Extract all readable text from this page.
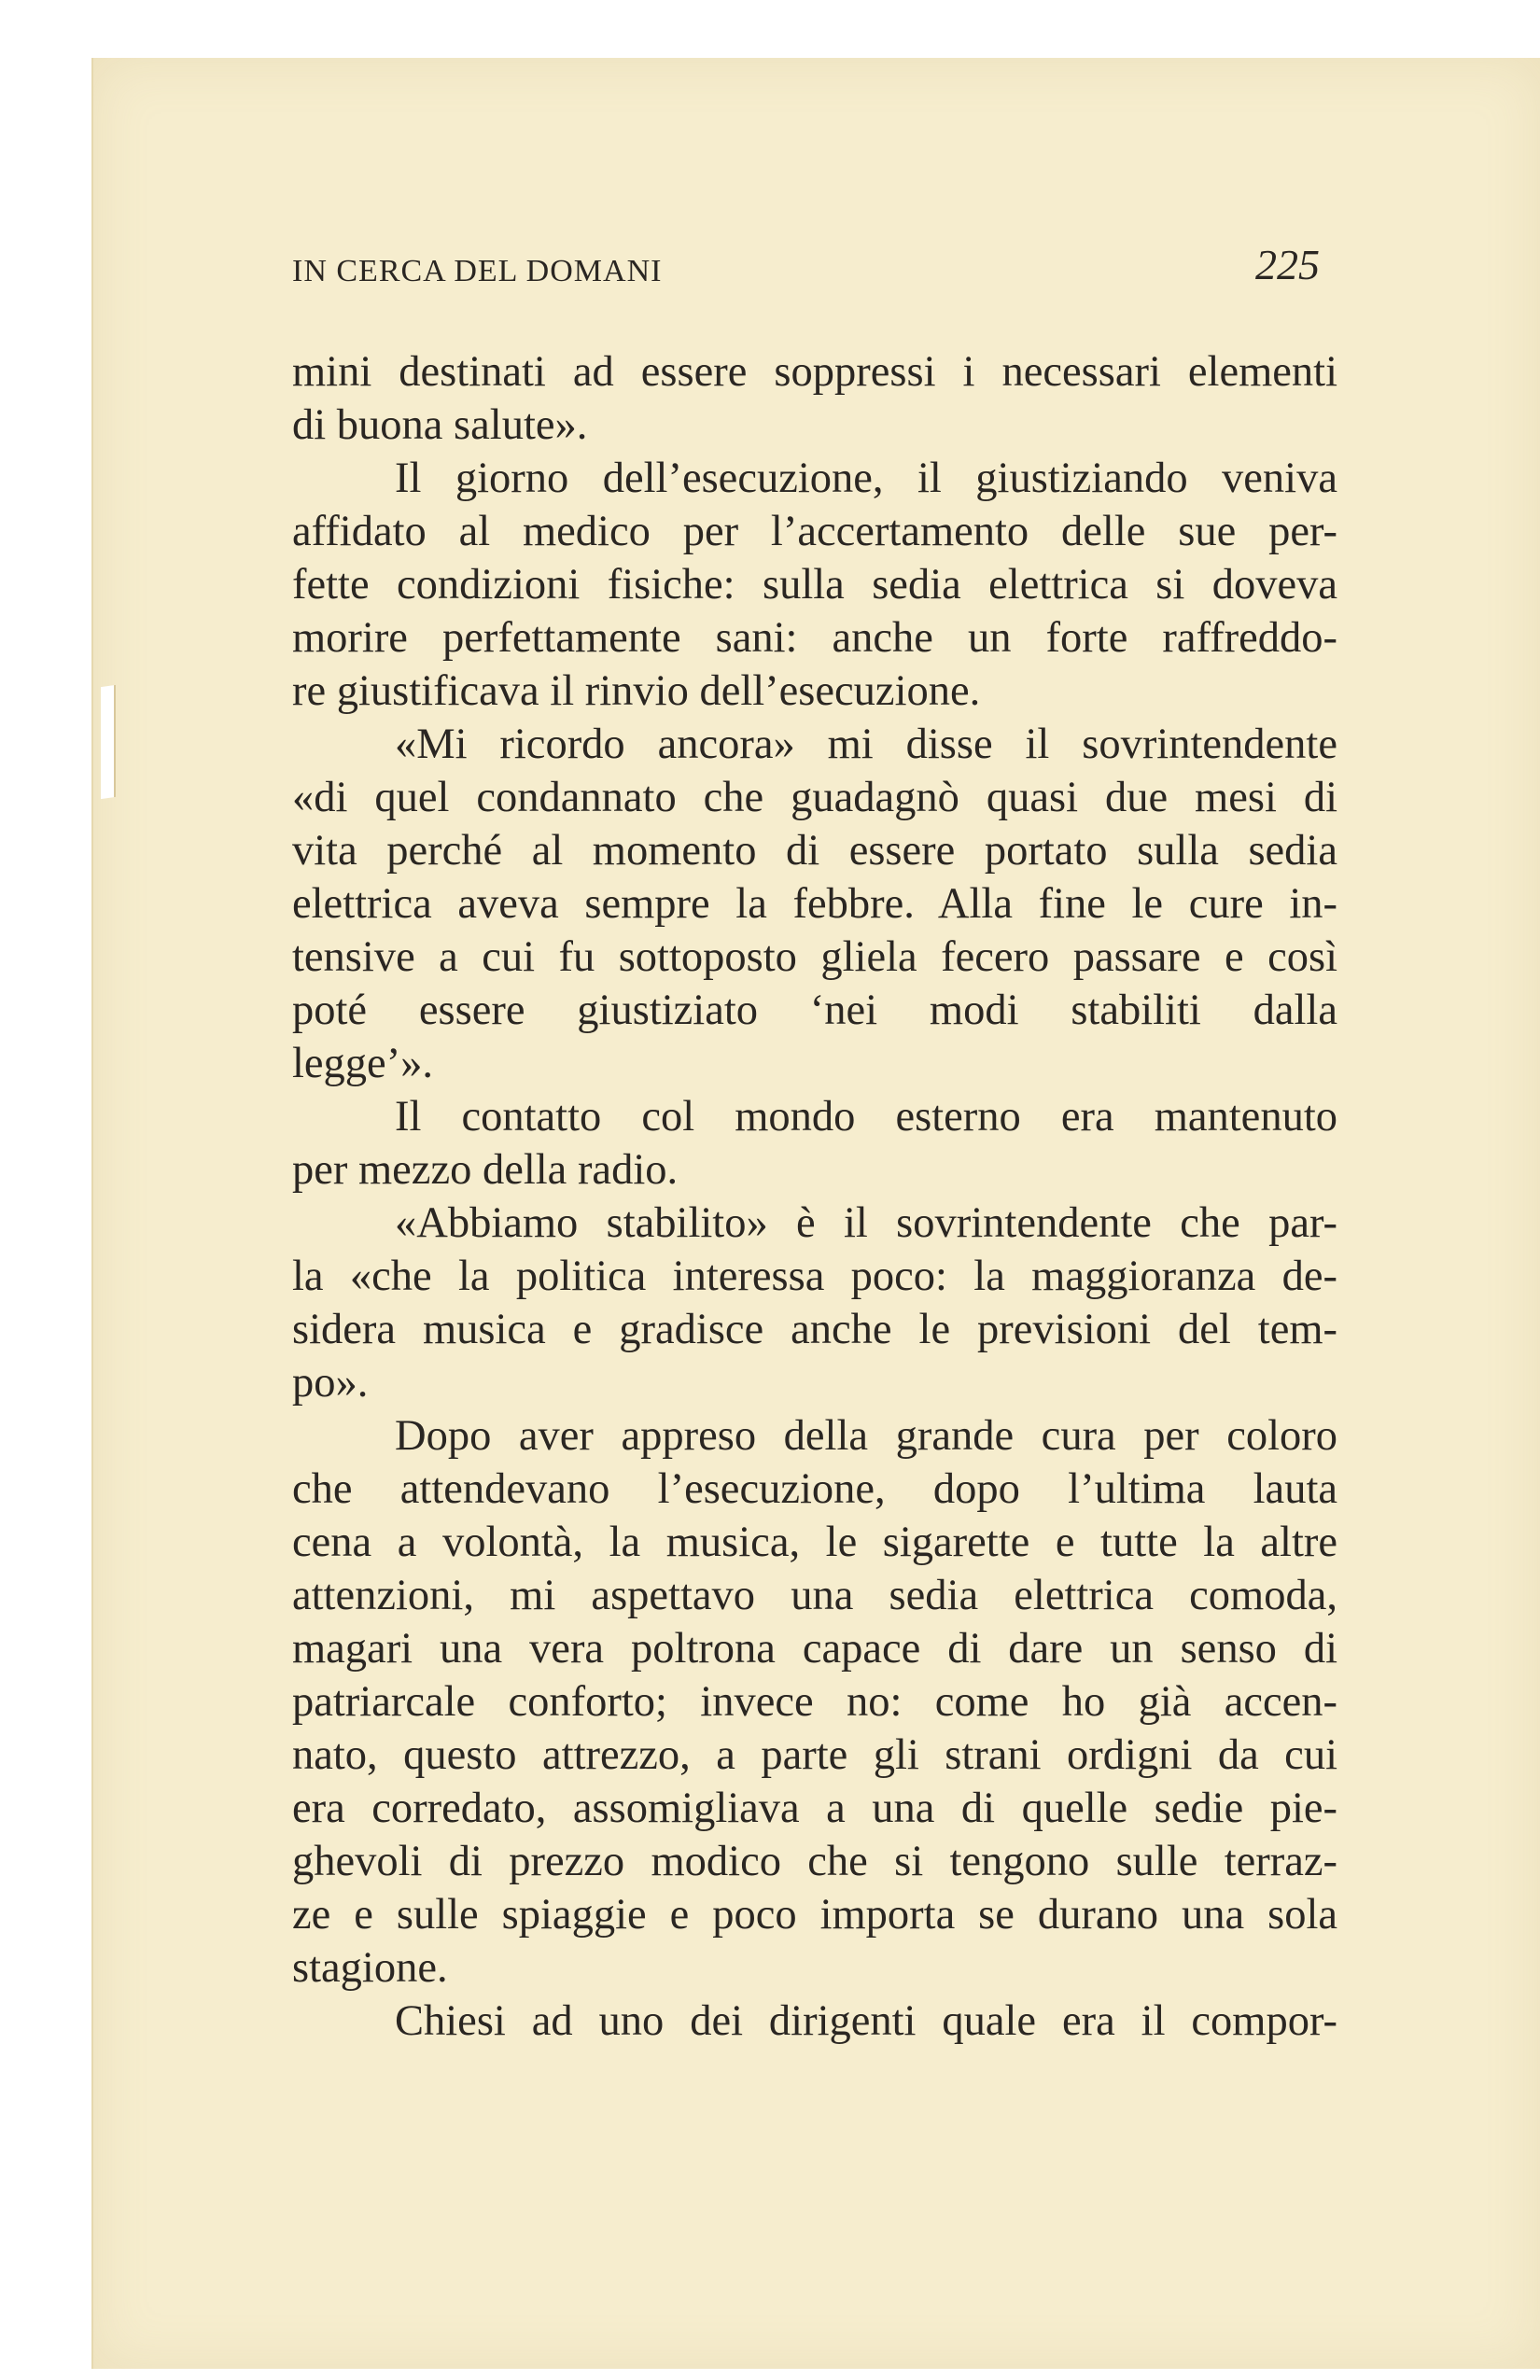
IN CERCA DEL DOMANI	225
mini destinati ad essere soppressi i necessari elementi
di buona salute».
Il giorno dell’esecuzione, il giustiziando veniva
affidato al medico per l’accertamento delle sue per-
fette condizioni fisiche: sulla sedia elettrica si doveva
morire perfettamente sani: anche un forte raffreddo-
re giustificava il rinvio dell’esecuzione.
«Mi ricordo ancora» mi disse il sovrintendente
«di quel condannato che guadagnò quasi due mesi di
vita perché al momento di essere portato sulla sedia
elettrica aveva sempre la febbre. Alla fine le cure in-
tensive a cui fu sottoposto gliela fecero passare e così
poté essere giustiziato ‘nei modi stabiliti dalla
legge’».
Il contatto col mondo esterno era mantenuto
per mezzo della radio.
«Abbiamo stabilito» è il sovrintendente che par-
la «che la politica interessa poco: la maggioranza de-
sidera musica e gradisce anche le previsioni del tem-
po».
Dopo aver appreso della grande cura per coloro
che attendevano l’esecuzione, dopo l’ultima lauta
cena a volontà, la musica, le sigarette e tutte la altre
attenzioni, mi aspettavo una sedia elettrica comoda,
magari una vera poltrona capace di dare un senso di
patriarcale conforto; invece no: come ho già accen-
nato, questo attrezzo, a parte gli strani ordigni da cui
era corredato, assomigliava a una di quelle sedie pie-
ghevoli di prezzo modico che si tengono sulle terraz-
ze e sulle spiaggie e poco importa se durano una sola
stagione.
Chiesi ad uno dei dirigenti quale era il compor-
